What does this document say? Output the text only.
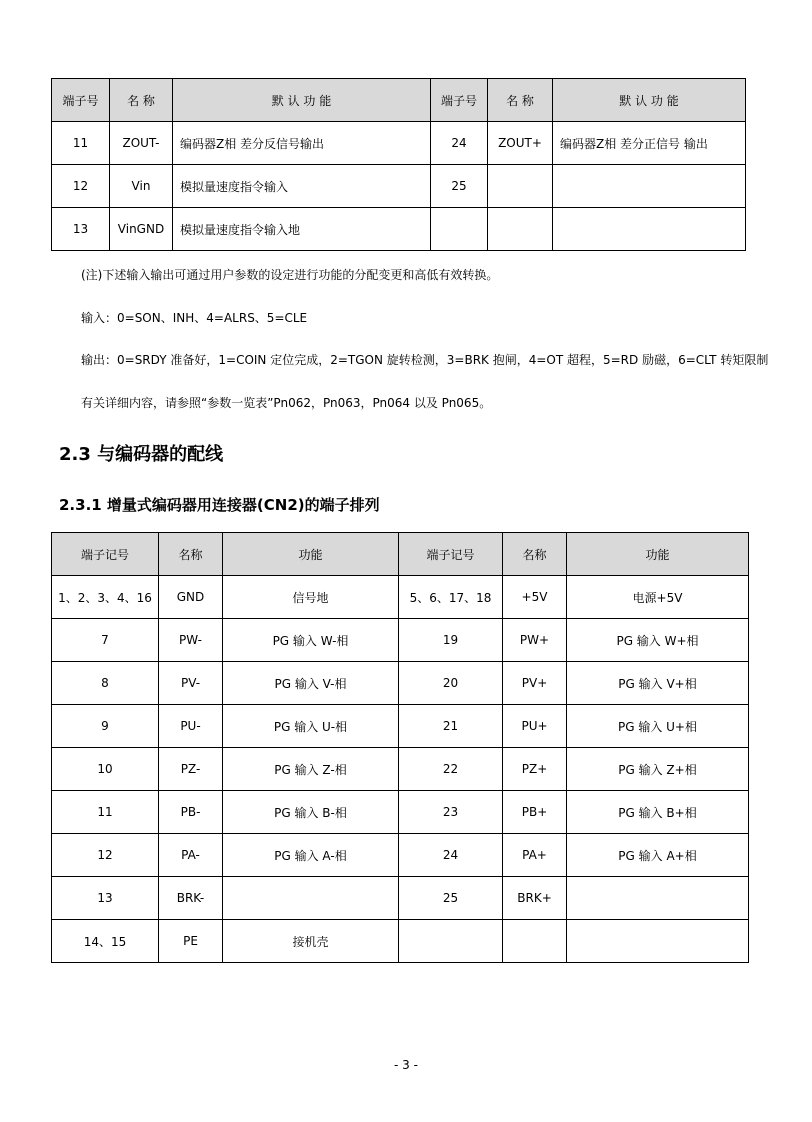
端子号	名 称	默 认 功 能	端子号	名 称	默 认 功 能
11	ZOUT-	编码器Z相 差分反信号输出	24	ZOUT+	编码器Z相 差分正信号 输出
12	Vin	模拟量速度指令输入	25		
13	VinGND	模拟量速度指令输入地			
(注)下述输入输出可通过用户参数的设定进行功能的分配变更和高低有效转换。
输入：0=SON、INH、4=ALRS、5=CLE
输出：0=SRDY 准备好，1=COIN 定位完成，2=TGON 旋转检测，3=BRK 抱闸，4=OT 超程，5=RD 励磁，6=CLT 转矩限制
有关详细内容，请参照“参数一览表”Pn062，Pn063，Pn064 以及 Pn065。
2.3 与编码器的配线
2.3.1 增量式编码器用连接器(CN2)的端子排列
端子记号	名称	功能	端子记号	名称	功能
1、2、3、4、16	GND	信号地	5、6、17、18	+5V	电源+5V
7	PW-	PG 输入 W-相	19	PW+	PG 输入 W+相
8	PV-	PG 输入 V-相	20	PV+	PG 输入 V+相
9	PU-	PG 输入 U-相	21	PU+	PG 输入 U+相
10	PZ-	PG 输入 Z-相	22	PZ+	PG 输入 Z+相
11	PB-	PG 输入 B-相	23	PB+	PG 输入 B+相
12	PA-	PG 输入 A-相	24	PA+	PG 输入 A+相
13	BRK-		25	BRK+	
14、15	PE	接机壳			
- 3 -
